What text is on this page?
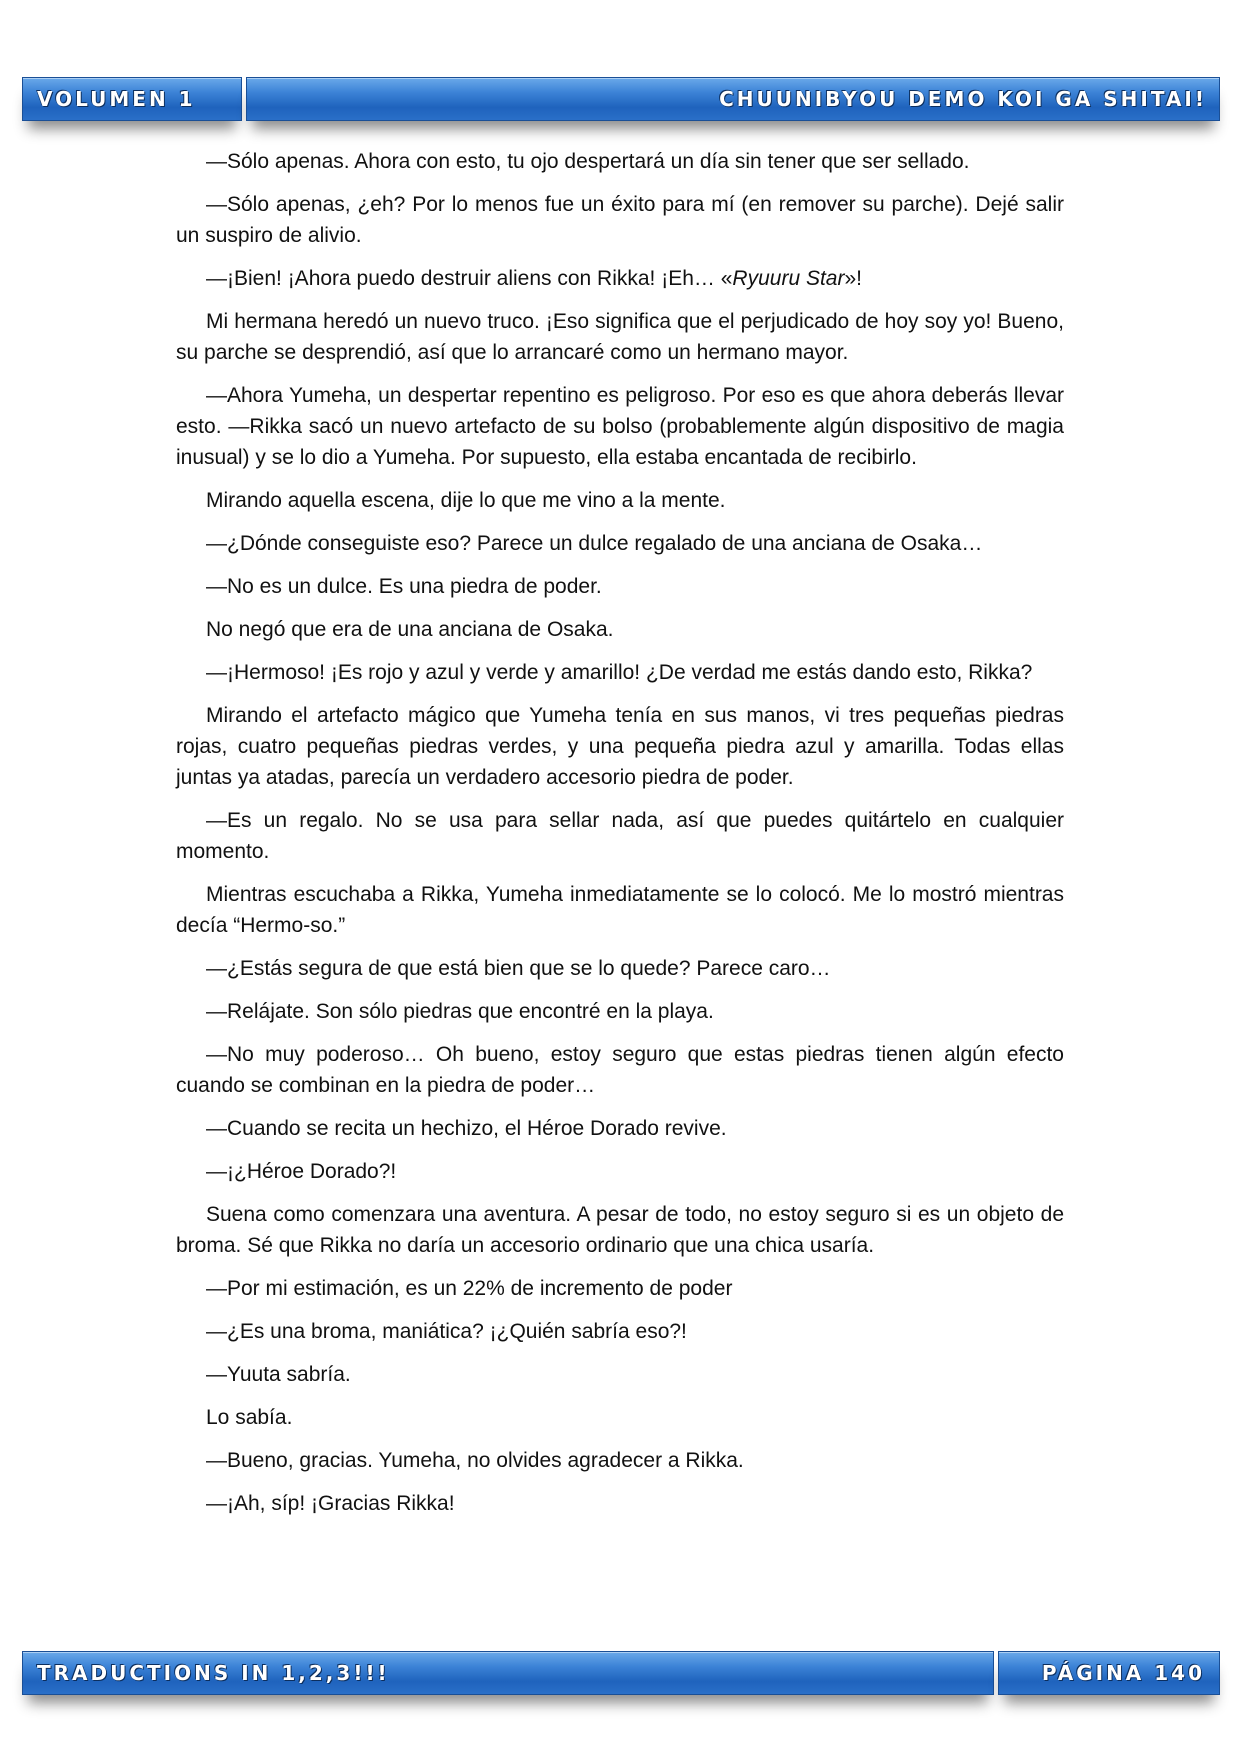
VOLUMEN 1	CHUUNIBYOU DEMO KOI GA SHITAI!

—Sólo apenas. Ahora con esto, tu ojo despertará un día sin tener que ser sellado.

—Sólo apenas, ¿eh? Por lo menos fue un éxito para mí (en remover su parche). Dejé salir un suspiro de alivio.

—¡Bien! ¡Ahora puedo destruir aliens con Rikka! ¡Eh… «Ryuuru Star»!

Mi hermana heredó un nuevo truco. ¡Eso significa que el perjudicado de hoy soy yo! Bueno, su parche se desprendió, así que lo arrancaré como un hermano mayor.

—Ahora Yumeha, un despertar repentino es peligroso. Por eso es que ahora deberás llevar esto. —Rikka sacó un nuevo artefacto de su bolso (probablemente algún dispositivo de magia inusual) y se lo dio a Yumeha. Por supuesto, ella estaba encantada de recibirlo.

Mirando aquella escena, dije lo que me vino a la mente.

—¿Dónde conseguiste eso? Parece un dulce regalado de una anciana de Osaka…

—No es un dulce. Es una piedra de poder.

No negó que era de una anciana de Osaka.

—¡Hermoso! ¡Es rojo y azul y verde y amarillo! ¿De verdad me estás dando esto, Rikka?

Mirando el artefacto mágico que Yumeha tenía en sus manos, vi tres pequeñas piedras rojas, cuatro pequeñas piedras verdes, y una pequeña piedra azul y amarilla. Todas ellas juntas ya atadas, parecía un verdadero accesorio piedra de poder.

—Es un regalo. No se usa para sellar nada, así que puedes quitártelo en cualquier momento.

Mientras escuchaba a Rikka, Yumeha inmediatamente se lo colocó. Me lo mostró mientras decía “Hermo-so.”

—¿Estás segura de que está bien que se lo quede? Parece caro…

—Relájate. Son sólo piedras que encontré en la playa.

—No muy poderoso… Oh bueno, estoy seguro que estas piedras tienen algún efecto cuando se combinan en la piedra de poder…

—Cuando se recita un hechizo, el Héroe Dorado revive.

—¡¿Héroe Dorado?!

Suena como comenzara una aventura. A pesar de todo, no estoy seguro si es un objeto de broma. Sé que Rikka no daría un accesorio ordinario que una chica usaría.

—Por mi estimación, es un 22% de incremento de poder

—¿Es una broma, maniática? ¡¿Quién sabría eso?!

—Yuuta sabría.

Lo sabía.

—Bueno, gracias. Yumeha, no olvides agradecer a Rikka.

—¡Ah, síp! ¡Gracias Rikka!

TRADUCTIONS IN 1,2,3!!!	PÁGINA 140
